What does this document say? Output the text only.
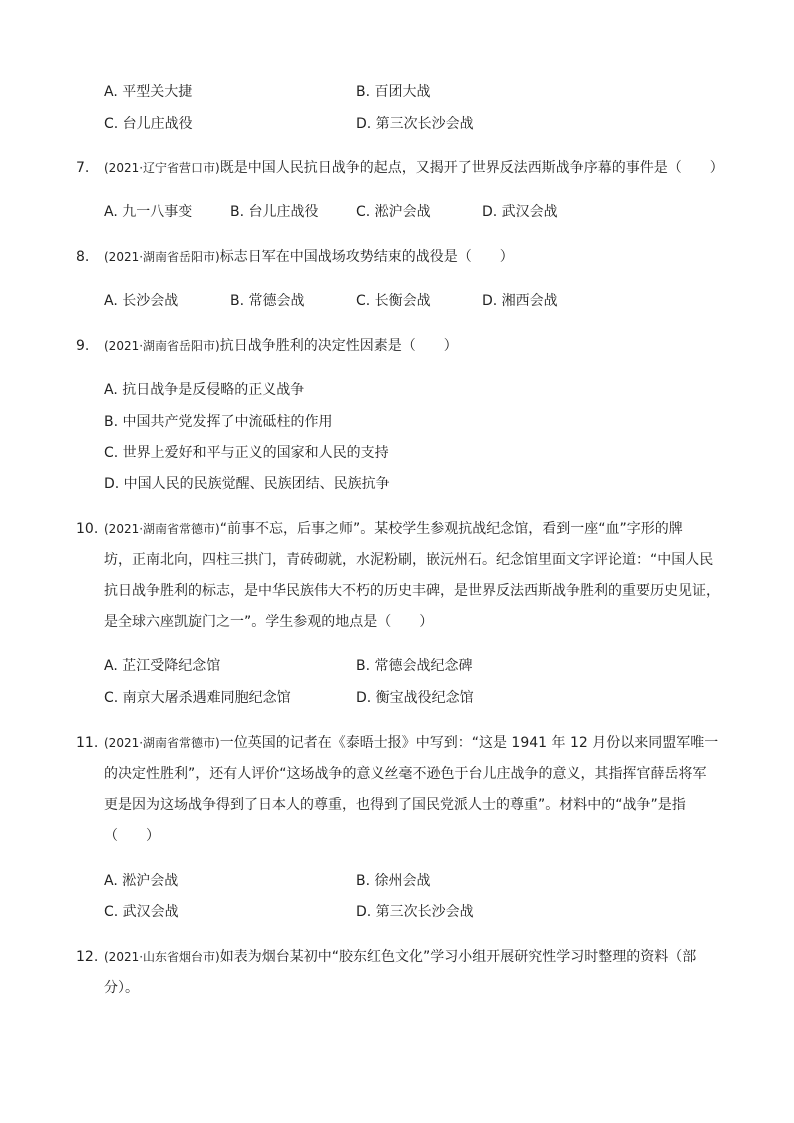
A. 平型关大捷	B. 百团大战
C. 台儿庄战役	D. 第三次长沙会战
7. (2021·辽宁省营口市)既是中国人民抗日战争的起点，又揭开了世界反法西斯战争序幕的事件是（　　）
A. 九一八事变	B. 台儿庄战役	C. 淞沪会战	D. 武汉会战
8. (2021·湖南省岳阳市)标志日军在中国战场攻势结束的战役是（　　）
A. 长沙会战	B. 常德会战	C. 长衡会战	D. 湘西会战
9. (2021·湖南省岳阳市)抗日战争胜利的决定性因素是（　　）
A. 抗日战争是反侵略的正义战争
B. 中国共产党发挥了中流砥柱的作用
C. 世界上爱好和平与正义的国家和人民的支持
D. 中国人民的民族觉醒、民族团结、民族抗争
10. (2021·湖南省常德市)“前事不忘，后事之师”。某校学生参观抗战纪念馆，看到一座“血”字形的牌
坊，正南北向，四柱三拱门，青砖砌就，水泥粉刷，嵌沅州石。纪念馆里面文字评论道：“中国人民
抗日战争胜利的标志，是中华民族伟大不朽的历史丰碑，是世界反法西斯战争胜利的重要历史见证，
是全球六座凯旋门之一”。学生参观的地点是（　　）
A. 芷江受降纪念馆	B. 常德会战纪念碑
C. 南京大屠杀遇难同胞纪念馆	D. 衡宝战役纪念馆
11. (2021·湖南省常德市)一位英国的记者在《泰晤士报》中写到：“这是 1941 年 12 月份以来同盟军唯一
的决定性胜利”，还有人评价“这场战争的意义丝毫不逊色于台儿庄战争的意义，其指挥官薛岳将军
更是因为这场战争得到了日本人的尊重，也得到了国民党派人士的尊重”。材料中的“战争”是指
（　　）
A. 淞沪会战	B. 徐州会战
C. 武汉会战	D. 第三次长沙会战
12. (2021·山东省烟台市)如表为烟台某初中“胶东红色文化”学习小组开展研究性学习时整理的资料（部
分）。
